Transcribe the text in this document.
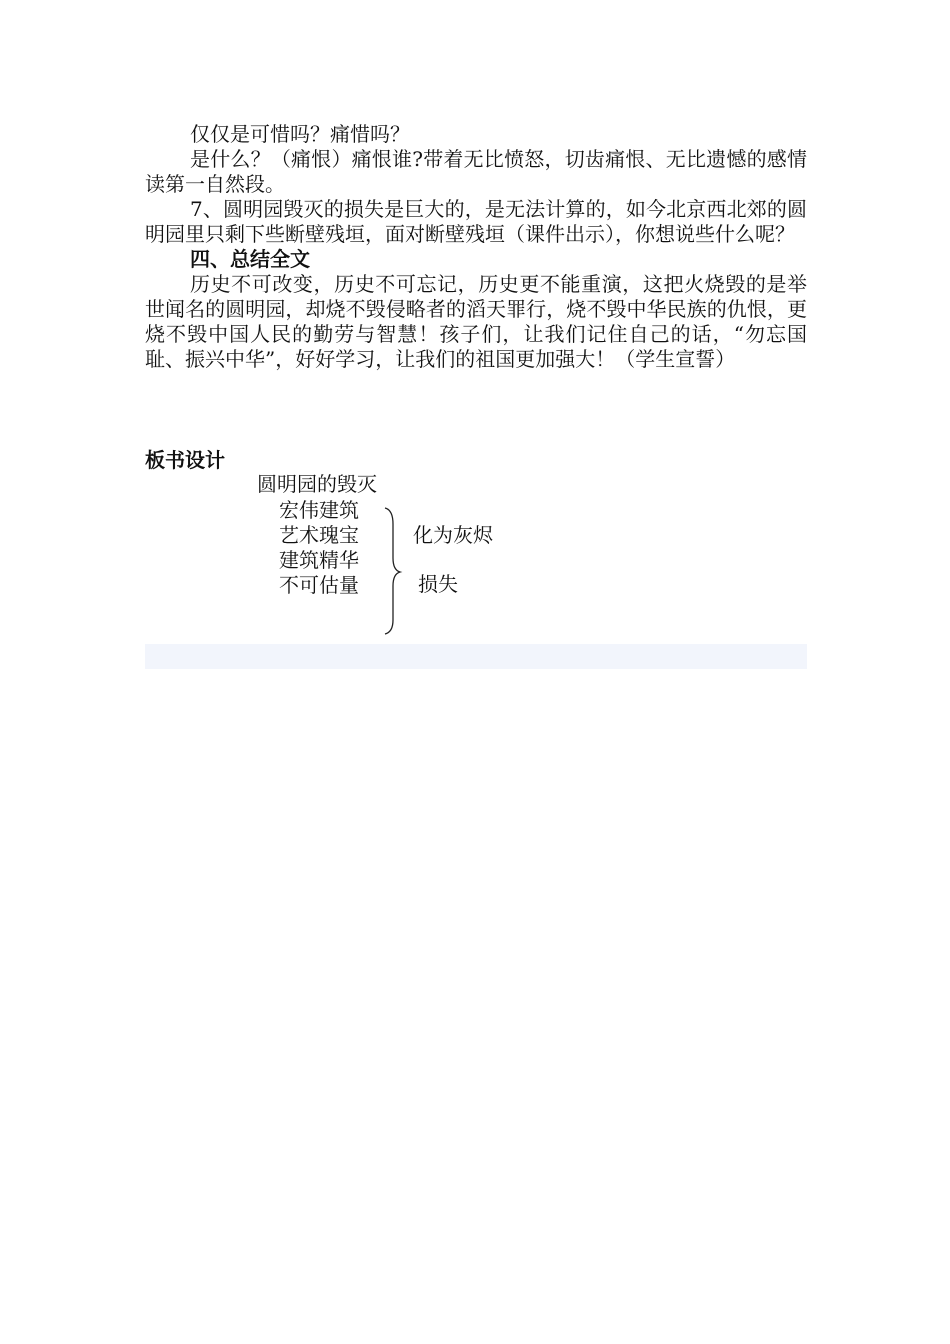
仅仅是可惜吗？痛惜吗？

是什么？（痛恨）痛恨谁?带着无比愤怒，切齿痛恨、无比遗憾的感情读第一自然段。

7、圆明园毁灭的损失是巨大的，是无法计算的，如今北京西北郊的圆明园里只剩下些断壁残垣，面对断壁残垣（课件出示），你想说些什么呢？

四、总结全文

历史不可改变，历史不可忘记，历史更不能重演，这把火烧毁的是举世闻名的圆明园，却烧不毁侵略者的滔天罪行，烧不毁中华民族的仇恨，更烧不毁中国人民的勤劳与智慧！孩子们，让我们记住自己的话，“勿忘国耻、振兴中华”，好好学习，让我们的祖国更加强大！（学生宣誓）

板书设计
圆明园的毁灭
宏伟建筑
艺术瑰宝
建筑精华
不可估量
化为灰烬
损失
